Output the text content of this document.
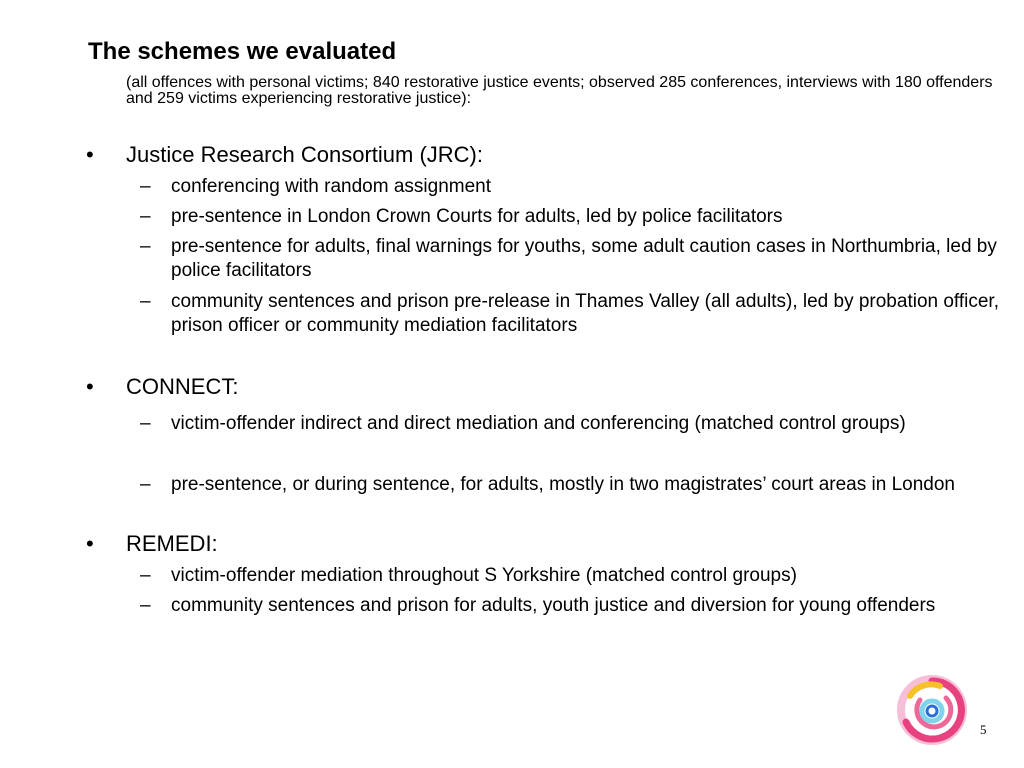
The schemes we evaluated

(all offences with personal victims; 840 restorative justice events; observed 285 conferences, interviews with 180 offenders and 259 victims experiencing restorative justice):

• Justice Research Consortium (JRC):
– conferencing with random assignment
– pre-sentence in London Crown Courts for adults, led by police facilitators
– pre-sentence for adults, final warnings for youths, some adult caution cases in Northumbria, led by police facilitators
– community sentences and prison pre-release in Thames Valley (all adults), led by probation officer, prison officer or community mediation facilitators
• CONNECT:
– victim-offender indirect and direct mediation and conferencing (matched control groups)
– pre-sentence, or during sentence, for adults, mostly in two magistrates’ court areas in London
• REMEDI:
– victim-offender mediation throughout S Yorkshire (matched control groups)
– community sentences and prison for adults, youth justice and diversion for young offenders
5
